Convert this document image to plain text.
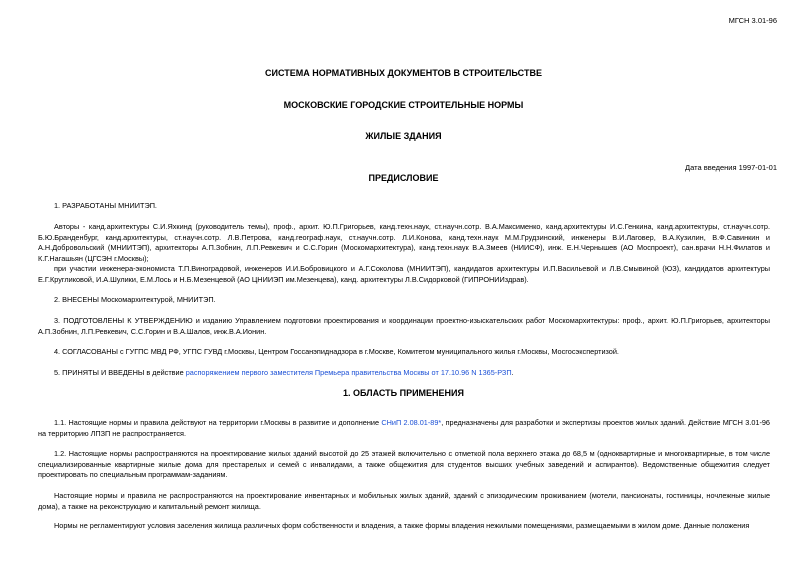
МГСН 3.01-96
СИСТЕМА НОРМАТИВНЫХ ДОКУМЕНТОВ В СТРОИТЕЛЬСТВЕ
МОСКОВСКИЕ ГОРОДСКИЕ СТРОИТЕЛЬНЫЕ НОРМЫ
ЖИЛЫЕ ЗДАНИЯ
Дата введения 1997-01-01
ПРЕДИСЛОВИЕ
1. РАЗРАБОТАНЫ МНИИТЭП.
Авторы - канд.архитектуры С.И.Яхкинд (руководитель темы), проф., архит. Ю.П.Григорьев, канд.техн.наук, ст.научн.сотр. В.А.Максименко, канд.архитектуры И.С.Генкина, канд.архитектуры, ст.научн.сотр. Б.Ю.Бранденбург, канд.архитектуры, ст.научн.сотр. Л.В.Петрова, канд.географ.наук, ст.научн.сотр. Л.И.Конова, канд.техн.наук М.М.Грудзинский, инженеры В.И.Лаговер, В.А.Кузилин, В.Ф.Савинкин и А.Н.Добровольский (МНИИТЭП), архитекторы А.П.Зобнин, Л.П.Ревкевич и С.С.Горин (Москомархитектура), канд.техн.наук В.А.Змеев (НИИСФ), инж. Е.Н.Чернышев (АО Моспроект), сан.врачи Н.Н.Филатов и К.Г.Нагашьян (ЦГСЭН г.Москвы);
при участии инженера-экономиста Т.П.Виноградовой, инженеров И.И.Бобровицкого и А.Г.Соколова (МНИИТЭП), кандидатов архитектуры И.П.Васильевой и Л.В.Смывиной (ЮЗ), кандидатов архитектуры Е.Г.Кругликовой, И.А.Шулики, Е.М.Лось и Н.Б.Мезенцевой (АО ЦНИИЭП им.Мезенцева), канд. архитектуры Л.В.Сидорковой (ГИПРОНИИздрав).
2. ВНЕСЕНЫ Москомархитектурой, МНИИТЭП.
3. ПОДГОТОВЛЕНЫ К УТВЕРЖДЕНИЮ и изданию Управлением подготовки проектирования и координации проектно-изыскательских работ Москомархитектуры: проф., архит. Ю.П.Григорьев, архитекторы А.П.Зобнин, Л.П.Ревкевич, С.С.Горин и В.А.Шалов, инж.В.А.Ионин.
4. СОГЛАСОВАНЫ с ГУГПС МВД РФ, УГПС ГУВД г.Москвы, Центром Госсанэпиднадзора в г.Москве, Комитетом муниципального жилья г.Москвы, Мосгосэкспертизой.
5. ПРИНЯТЫ И ВВЕДЕНЫ в действие распоряжением первого заместителя Премьера правительства Москвы от 17.10.96 N 1365-РЗП.
1. ОБЛАСТЬ ПРИМЕНЕНИЯ
1.1. Настоящие нормы и правила действуют на территории г.Москвы в развитие и дополнение СНиП 2.08.01-89*, предназначены для разработки и экспертизы проектов жилых зданий. Действие МГСН 3.01-96 на территорию ЛПЗП не распространяется.
1.2. Настоящие нормы распространяются на проектирование жилых зданий высотой до 25 этажей включительно с отметкой пола верхнего этажа до 68,5 м (одноквартирные и многоквартирные, в том числе специализированные квартирные жилые дома для престарелых и семей с инвалидами, а также общежития для студентов высших учебных заведений и аспирантов). Ведомственные общежития следует проектировать по специальным программам-заданиям.
Настоящие нормы и правила не распространяются на проектирование инвентарных и мобильных жилых зданий, зданий с эпизодическим проживанием (мотели, пансионаты, гостиницы, ночлежные жилые дома), а также на реконструкцию и капитальный ремонт жилища.
Нормы не регламентируют условия заселения жилища различных форм собственности и владения, а также формы владения нежилыми помещениями, размещаемыми в жилом доме. Данные положения
